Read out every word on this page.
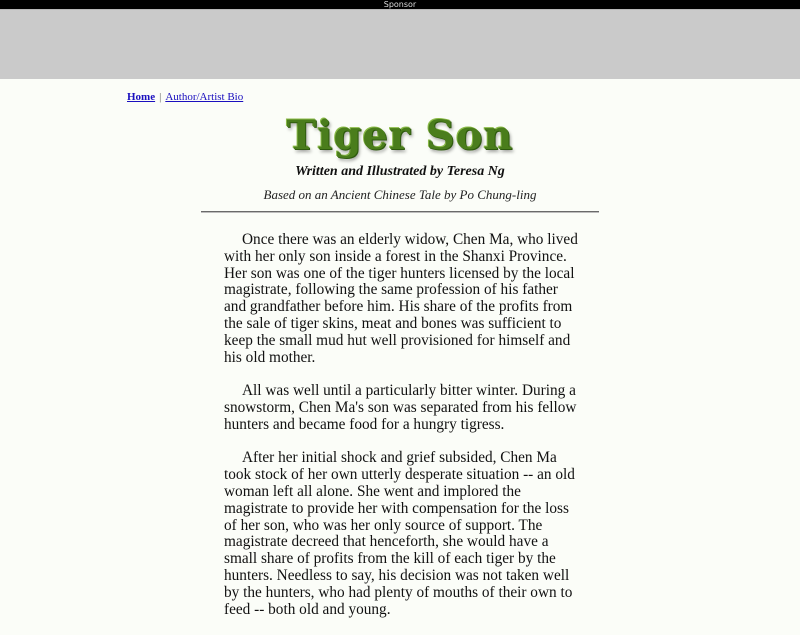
Sponsor
Home | Author/Artist Bio
Tiger Son
Written and Illustrated by Teresa Ng
Based on an Ancient Chinese Tale by Po Chung-ling

Once there was an elderly widow, Chen Ma, who lived with her only son inside a forest in the Shanxi Province. Her son was one of the tiger hunters licensed by the local magistrate, following the same profession of his father and grandfather before him. His share of the profits from the sale of tiger skins, meat and bones was sufficient to keep the small mud hut well provisioned for himself and his old mother.

All was well until a particularly bitter winter. During a snowstorm, Chen Ma's son was separated from his fellow hunters and became food for a hungry tigress.

After her initial shock and grief subsided, Chen Ma took stock of her own utterly desperate situation -- an old woman left all alone. She went and implored the magistrate to provide her with compensation for the loss of her son, who was her only source of support. The magistrate decreed that henceforth, she would have a small share of profits from the kill of each tiger by the hunters. Needless to say, his decision was not taken well by the hunters, who had plenty of mouths of their own to feed -- both old and young.
